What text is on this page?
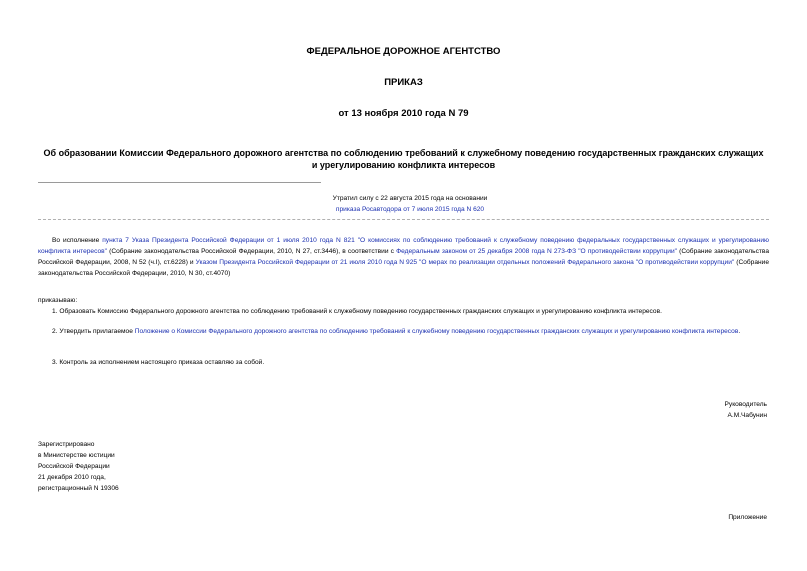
ФЕДЕРАЛЬНОЕ ДОРОЖНОЕ АГЕНТСТВО
ПРИКАЗ
от 13 ноября 2010 года N 79
Об образовании Комиссии Федерального дорожного агентства по соблюдению требований к служебному поведению государственных гражданских служащих и урегулированию конфликта интересов
Утратил силу с 22 августа 2015 года на основании
приказа Росавтодора от 7 июля 2015 года N 620
Во исполнение пункта 7 Указа Президента Российской Федерации от 1 июля 2010 года N 821 "О комиссиях по соблюдению требований к служебному поведению федеральных государственных служащих и урегулированию конфликта интересов" (Собрание законодательства Российской Федерации, 2010, N 27, ст.3446), в соответствии с Федеральным законом от 25 декабря 2008 года N 273-ФЗ "О противодействии коррупции" (Собрание законодательства Российской Федерации, 2008, N 52 (ч.I), ст.6228) и Указом Президента Российской Федерации от 21 июля 2010 года N 925 "О мерах по реализации отдельных положений Федерального закона "О противодействии коррупции" (Собрание законодательства Российской Федерации, 2010, N 30, ст.4070)
приказываю:
1. Образовать Комиссию Федерального дорожного агентства по соблюдению требований к служебному поведению государственных гражданских служащих и урегулированию конфликта интересов.
2. Утвердить прилагаемое Положение о Комиссии Федерального дорожного агентства по соблюдению требований к служебному поведению государственных гражданских служащих и урегулированию конфликта интересов.
3. Контроль за исполнением настоящего приказа оставляю за собой.
Руководитель
А.М.Чабунин
Зарегистрировано
в Министерстве юстиции
Российской Федерации
21 декабря 2010 года,
регистрационный N 19306
Приложение
